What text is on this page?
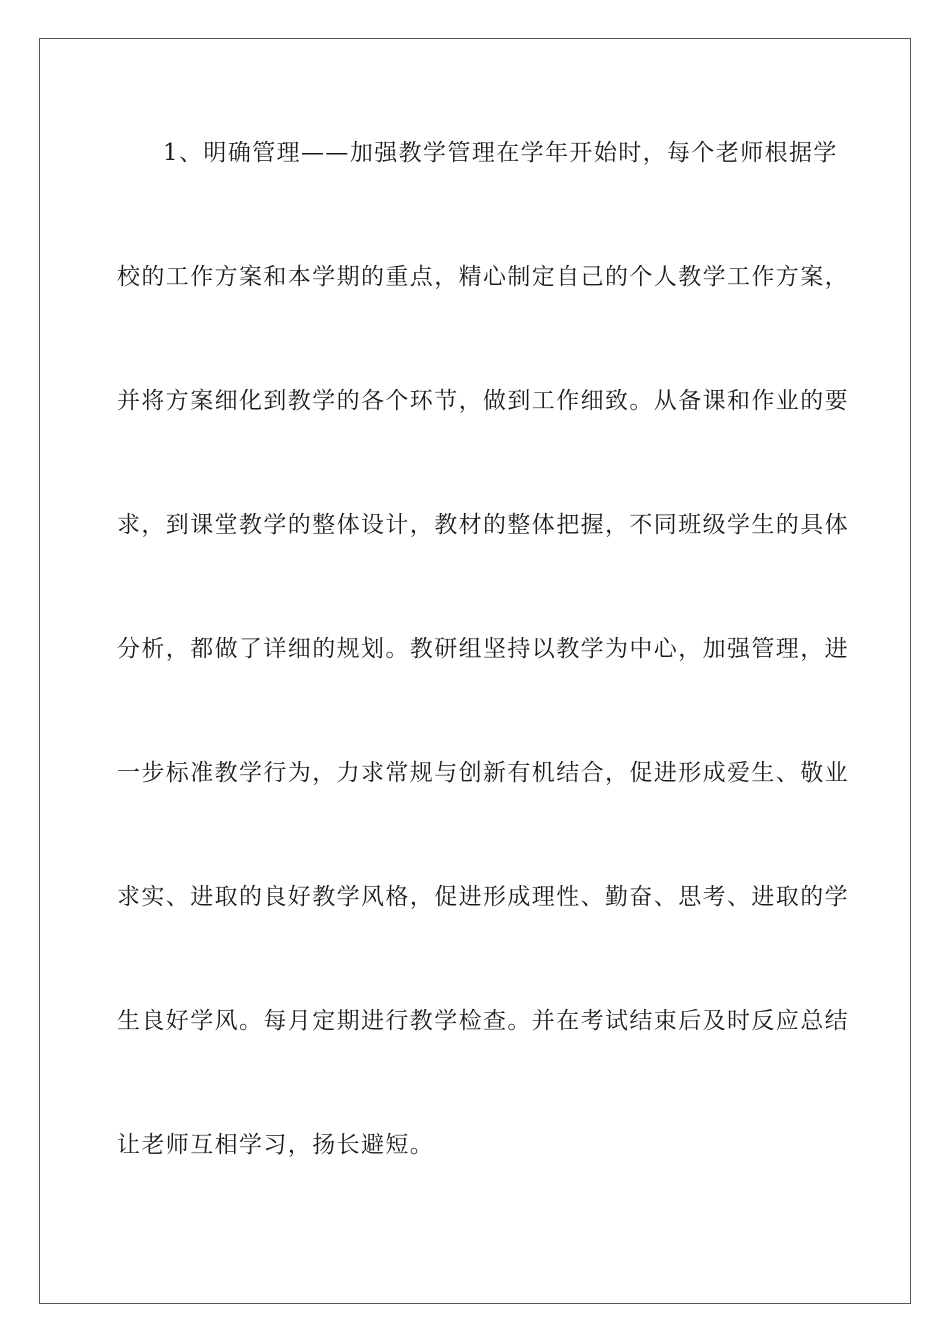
1、明确管理——加强教学管理在学年开始时，每个老师根据学
校的工作方案和本学期的重点，精心制定自己的个人教学工作方案，
并将方案细化到教学的各个环节，做到工作细致。从备课和作业的要
求，到课堂教学的整体设计，教材的整体把握，不同班级学生的具体
分析，都做了详细的规划。教研组坚持以教学为中心，加强管理，进
一步标准教学行为，力求常规与创新有机结合，促进形成爱生、敬业
求实、进取的良好教学风格，促进形成理性、勤奋、思考、进取的学
生良好学风。每月定期进行教学检查。并在考试结束后及时反应总结
让老师互相学习，扬长避短。
